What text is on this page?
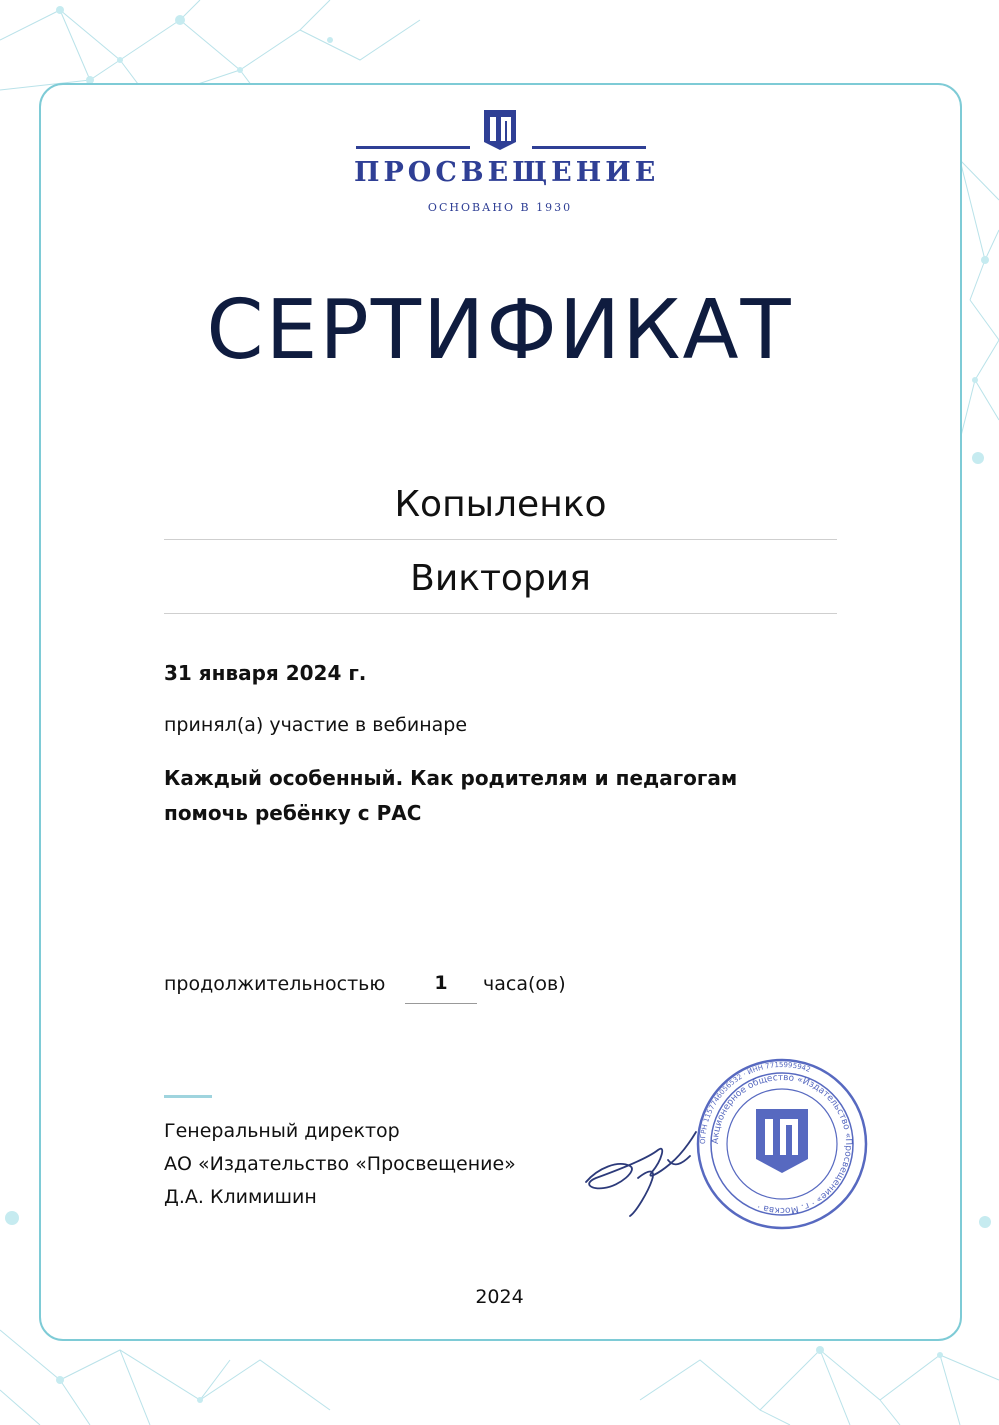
ПРОСВЕЩЕНИЕ
ОСНОВАНО В 1930
СЕРТИФИКАТ
Копыленко
Виктория
31 января 2024 г.
принял(а) участие в вебинаре
Каждый особенный. Как родителям и педагогам помочь ребёнку с РАС
продолжительностью	1	часа(ов)
Генеральный директор
АО «Издательство «Просвещение»
Д.А. Климишин
Акционерное общество «Издательство «Просвещение» · г. Москва ·
ОГРН 1157746056532 · ИНН 7715995942
2024
